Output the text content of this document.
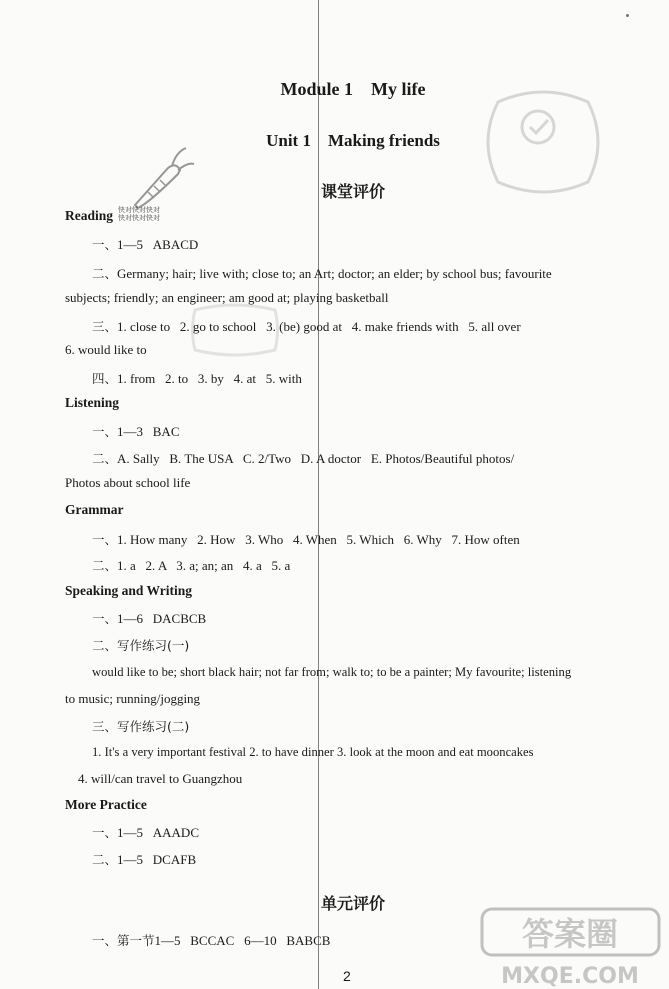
快对快对快对
快对快对快对
Module 1    My life
Unit 1    Making friends
课堂评价
Reading
一、1—5   ABACD
二、Germany; hair; live with; close to; an Art; doctor; an elder; by school bus; favourite
subjects; friendly; an engineer; am good at; playing basketball
三、1. close to   2. go to school   3. (be) good at   4. make friends with   5. all over
6. would like to
四、1. from   2. to   3. by   4. at   5. with
Listening
一、1—3   BAC
二、A. Sally   B. The USA   C. 2/Two   D. A doctor   E. Photos/Beautiful photos/
Photos about school life
Grammar
一、1. How many   2. How   3. Who   4. When   5. Which   6. Why   7. How often
二、1. a   2. A   3. a; an; an   4. a   5. a
Speaking and Writing
一、1—6   DACBCB
二、写作练习(一)
would like to be; short black hair; not far from; walk to; to be a painter; My favourite; listening
to music; running/jogging
三、写作练习(二)
1. It's a very important festival 2. to have dinner 3. look at the moon and eat mooncakes
4. will/can travel to Guangzhou
More Practice
一、1—5   AAADC
二、1—5   DCAFB
单元评价
一、第一节1—5   BCCAC   6—10   BABCB	答案圈
MXQE.COM
2
